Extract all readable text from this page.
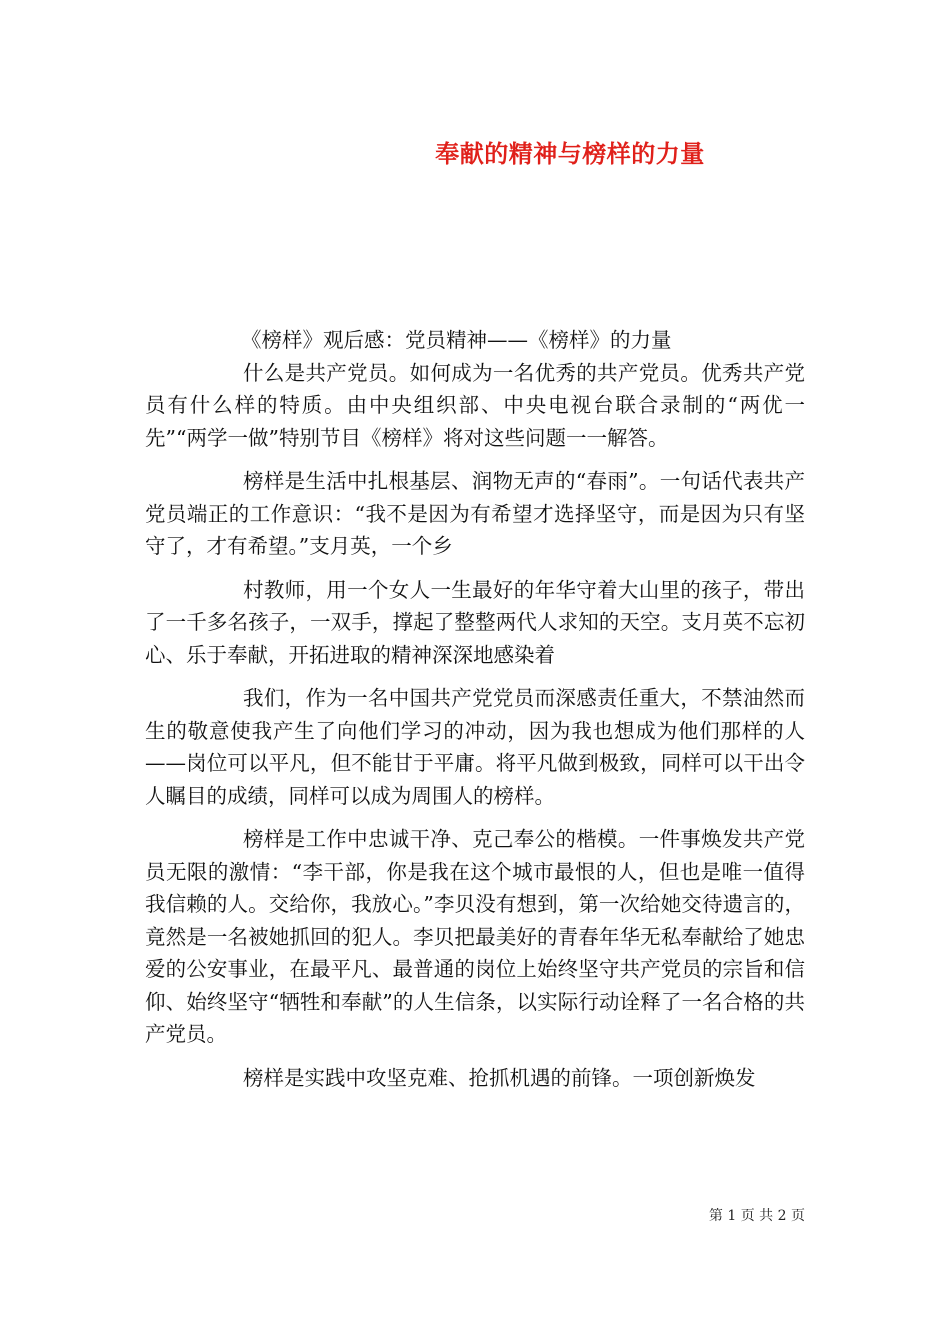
奉献的精神与榜样的力量

《榜样》观后感：党员精神——《榜样》的力量

什么是共产党员。如何成为一名优秀的共产党员。优秀共产党员有什么样的特质。由中央组织部、中央电视台联合录制的“两优一先”“两学一做”特别节目《榜样》将对这些问题一一解答。

榜样是生活中扎根基层、润物无声的“春雨”。一句话代表共产党员端正的工作意识：“我不是因为有希望才选择坚守，而是因为只有坚守了，才有希望。”支月英，一个乡

村教师，用一个女人一生最好的年华守着大山里的孩子，带出了一千多名孩子，一双手，撑起了整整两代人求知的天空。支月英不忘初心、乐于奉献，开拓进取的精神深深地感染着

我们，作为一名中国共产党党员而深感责任重大，不禁油然而生的敬意使我产生了向他们学习的冲动，因为我也想成为他们那样的人——岗位可以平凡，但不能甘于平庸。将平凡做到极致，同样可以干出令人瞩目的成绩，同样可以成为周围人的榜样。

榜样是工作中忠诚干净、克己奉公的楷模。一件事焕发共产党员无限的激情：“李干部，你是我在这个城市最恨的人，但也是唯一值得我信赖的人。交给你，我放心。”李贝没有想到，第一次给她交待遗言的，竟然是一名被她抓回的犯人。李贝把最美好的青春年华无私奉献给了她忠爱的公安事业，在最平凡、最普通的岗位上始终坚守共产党员的宗旨和信仰、始终坚守“牺牲和奉献”的人生信条，以实际行动诠释了一名合格的共产党员。

榜样是实践中攻坚克难、抢抓机遇的前锋。一项创新焕发

第 1 页 共 2 页
